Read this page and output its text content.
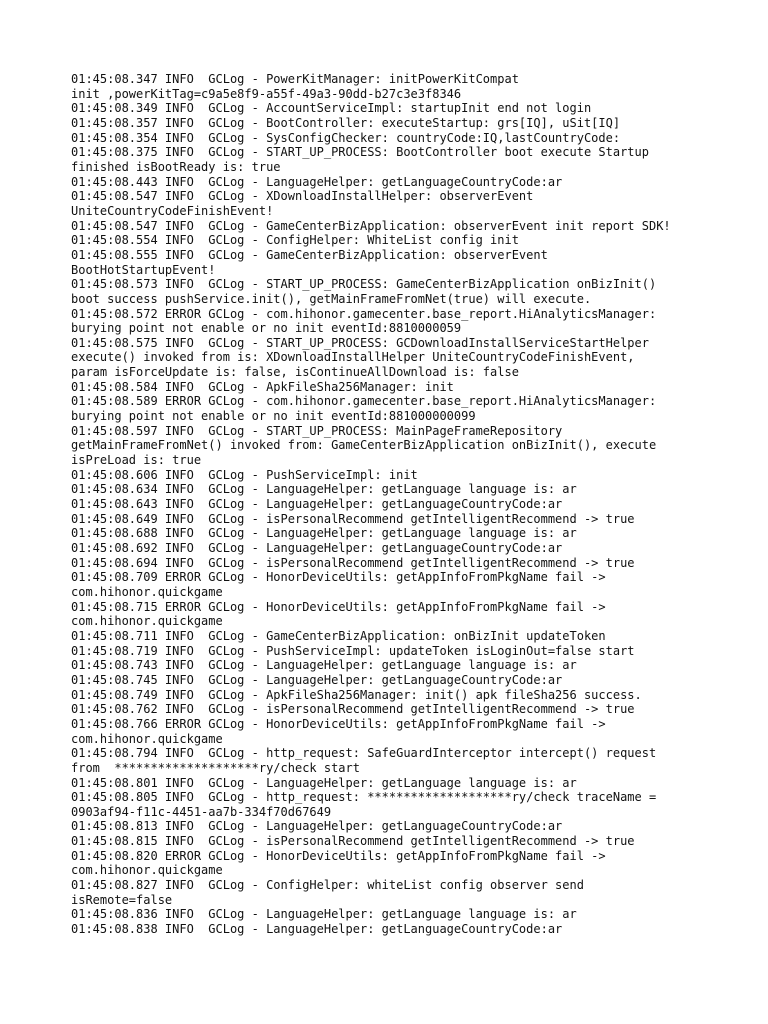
01:45:08.347 INFO  GCLog - PowerKitManager: initPowerKitCompat
init ,powerKitTag=c9a5e8f9-a55f-49a3-90dd-b27c3e3f8346
01:45:08.349 INFO  GCLog - AccountServiceImpl: startupInit end not login
01:45:08.357 INFO  GCLog - BootController: executeStartup: grs[IQ], uSit[IQ]
01:45:08.354 INFO  GCLog - SysConfigChecker: countryCode:IQ,lastCountryCode:
01:45:08.375 INFO  GCLog - START_UP_PROCESS: BootController boot execute Startup
finished isBootReady is: true
01:45:08.443 INFO  GCLog - LanguageHelper: getLanguageCountryCode:ar
01:45:08.547 INFO  GCLog - XDownloadInstallHelper: observerEvent
UniteCountryCodeFinishEvent!
01:45:08.547 INFO  GCLog - GameCenterBizApplication: observerEvent init report SDK!
01:45:08.554 INFO  GCLog - ConfigHelper: WhiteList config init
01:45:08.555 INFO  GCLog - GameCenterBizApplication: observerEvent
BootHotStartupEvent!
01:45:08.573 INFO  GCLog - START_UP_PROCESS: GameCenterBizApplication onBizInit()
boot success pushService.init(), getMainFrameFromNet(true) will execute.
01:45:08.572 ERROR GCLog - com.hihonor.gamecenter.base_report.HiAnalyticsManager:
burying point not enable or no init eventId:8810000059
01:45:08.575 INFO  GCLog - START_UP_PROCESS: GCDownloadInstallServiceStartHelper
execute() invoked from is: XDownloadInstallHelper UniteCountryCodeFinishEvent,
param isForceUpdate is: false, isContinueAllDownload is: false
01:45:08.584 INFO  GCLog - ApkFileSha256Manager: init
01:45:08.589 ERROR GCLog - com.hihonor.gamecenter.base_report.HiAnalyticsManager:
burying point not enable or no init eventId:881000000099
01:45:08.597 INFO  GCLog - START_UP_PROCESS: MainPageFrameRepository
getMainFrameFromNet() invoked from: GameCenterBizApplication onBizInit(), execute
isPreLoad is: true
01:45:08.606 INFO  GCLog - PushServiceImpl: init
01:45:08.634 INFO  GCLog - LanguageHelper: getLanguage language is: ar
01:45:08.643 INFO  GCLog - LanguageHelper: getLanguageCountryCode:ar
01:45:08.649 INFO  GCLog - isPersonalRecommend getIntelligentRecommend -> true
01:45:08.688 INFO  GCLog - LanguageHelper: getLanguage language is: ar
01:45:08.692 INFO  GCLog - LanguageHelper: getLanguageCountryCode:ar
01:45:08.694 INFO  GCLog - isPersonalRecommend getIntelligentRecommend -> true
01:45:08.709 ERROR GCLog - HonorDeviceUtils: getAppInfoFromPkgName fail ->
com.hihonor.quickgame
01:45:08.715 ERROR GCLog - HonorDeviceUtils: getAppInfoFromPkgName fail ->
com.hihonor.quickgame
01:45:08.711 INFO  GCLog - GameCenterBizApplication: onBizInit updateToken
01:45:08.719 INFO  GCLog - PushServiceImpl: updateToken isLoginOut=false start
01:45:08.743 INFO  GCLog - LanguageHelper: getLanguage language is: ar
01:45:08.745 INFO  GCLog - LanguageHelper: getLanguageCountryCode:ar
01:45:08.749 INFO  GCLog - ApkFileSha256Manager: init() apk fileSha256 success.
01:45:08.762 INFO  GCLog - isPersonalRecommend getIntelligentRecommend -> true
01:45:08.766 ERROR GCLog - HonorDeviceUtils: getAppInfoFromPkgName fail ->
com.hihonor.quickgame
01:45:08.794 INFO  GCLog - http_request: SafeGuardInterceptor intercept() request
from  ********************ry/check start
01:45:08.801 INFO  GCLog - LanguageHelper: getLanguage language is: ar
01:45:08.805 INFO  GCLog - http_request: ********************ry/check traceName =
0903af94-f11c-4451-aa7b-334f70d67649
01:45:08.813 INFO  GCLog - LanguageHelper: getLanguageCountryCode:ar
01:45:08.815 INFO  GCLog - isPersonalRecommend getIntelligentRecommend -> true
01:45:08.820 ERROR GCLog - HonorDeviceUtils: getAppInfoFromPkgName fail ->
com.hihonor.quickgame
01:45:08.827 INFO  GCLog - ConfigHelper: whiteList config observer send
isRemote=false
01:45:08.836 INFO  GCLog - LanguageHelper: getLanguage language is: ar
01:45:08.838 INFO  GCLog - LanguageHelper: getLanguageCountryCode:ar
